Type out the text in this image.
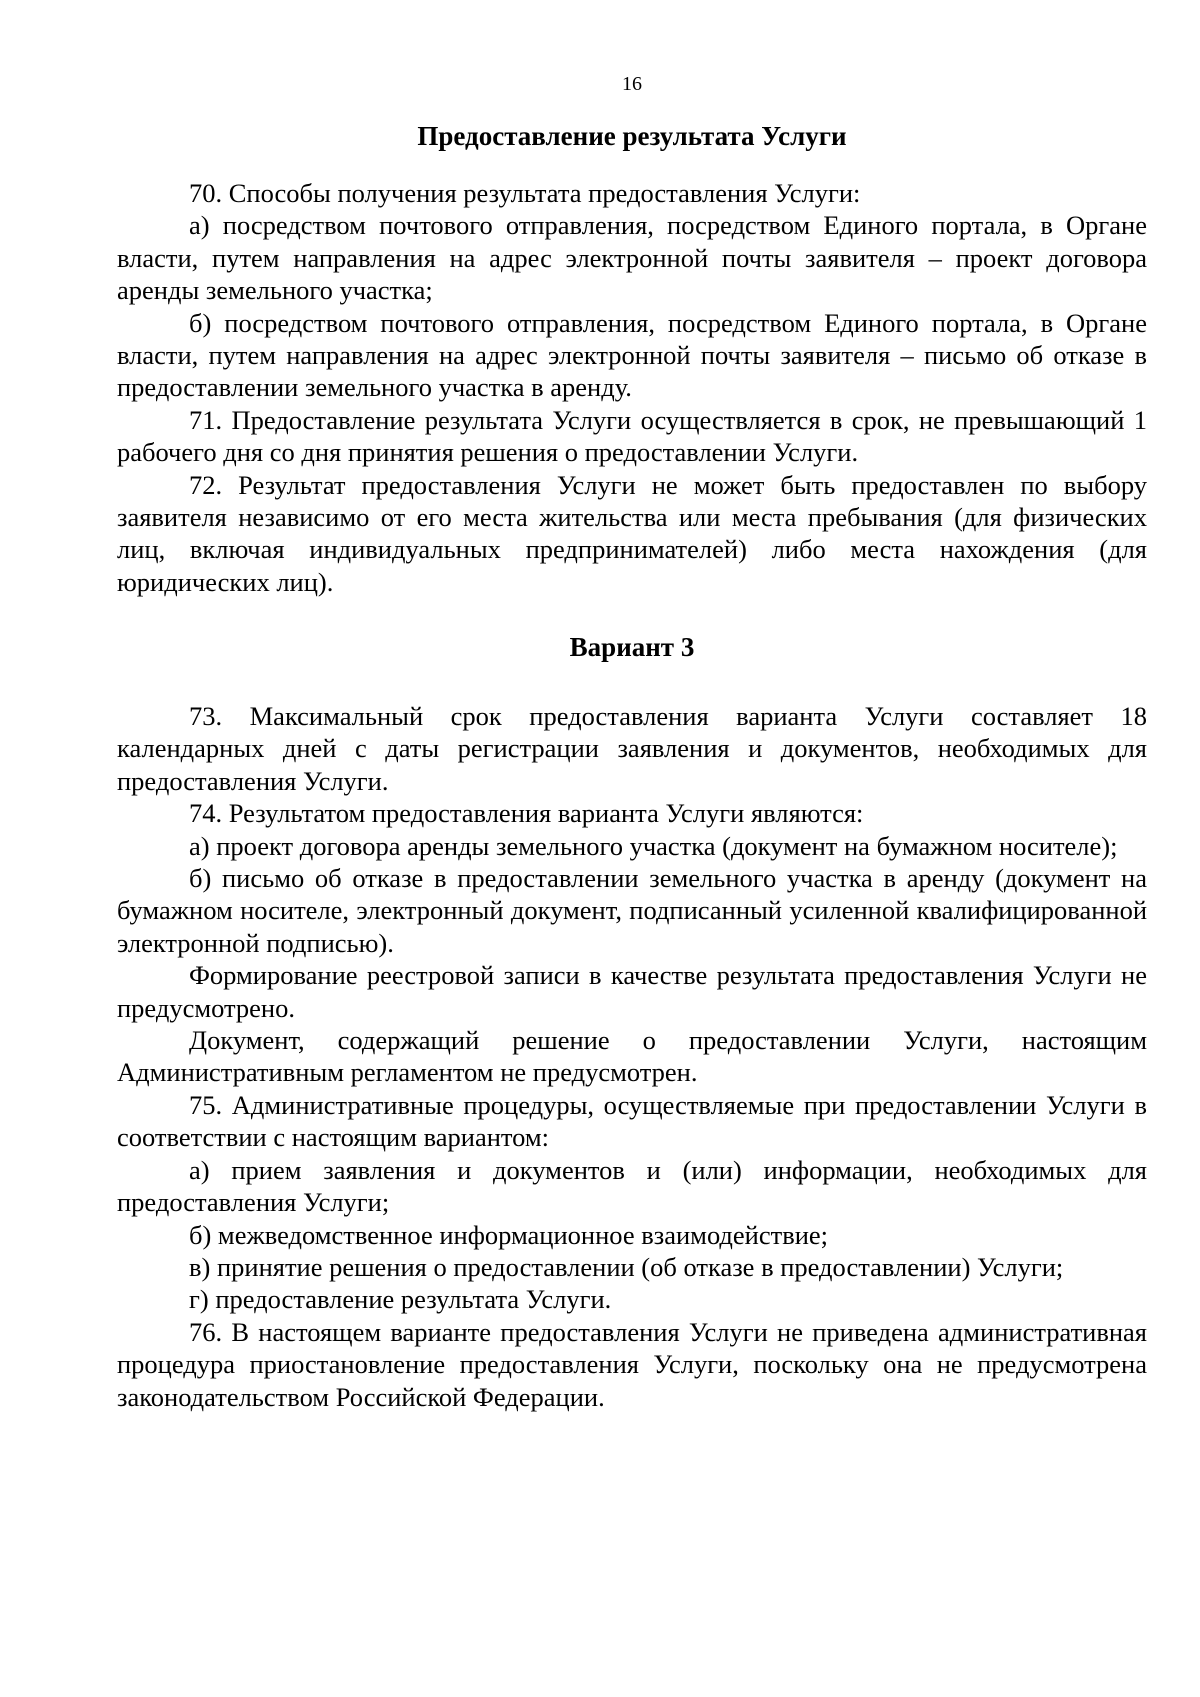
16
Предоставление результата Услуги

70. Способы получения результата предоставления Услуги:

а) посредством почтового отправления, посредством Единого портала, в Органе власти, путем направления на адрес электронной почты заявителя – проект договора аренды земельного участка;

б) посредством почтового отправления, посредством Единого портала, в Органе власти, путем направления на адрес электронной почты заявителя – письмо об отказе в предоставлении земельного участка в аренду.

71. Предоставление результата Услуги осуществляется в срок, не превышающий 1 рабочего дня со дня принятия решения о предоставлении Услуги.

72. Результат предоставления Услуги не может быть предоставлен по выбору заявителя независимо от его места жительства или места пребывания (для физических лиц, включая индивидуальных предпринимателей) либо места нахождения (для юридических лиц).

Вариант 3

73. Максимальный срок предоставления варианта Услуги составляет 18 календарных дней с даты регистрации заявления и документов, необходимых для предоставления Услуги.

74. Результатом предоставления варианта Услуги являются:

а) проект договора аренды земельного участка (документ на бумажном носителе);

б) письмо об отказе в предоставлении земельного участка в аренду (документ на бумажном носителе, электронный документ, подписанный усиленной квалифицированной электронной подписью).

Формирование реестровой записи в качестве результата предоставления Услуги не предусмотрено.

Документ, содержащий решение о предоставлении Услуги, настоящим Административным регламентом не предусмотрен.

75. Административные процедуры, осуществляемые при предоставлении Услуги в соответствии с настоящим вариантом:

а) прием заявления и документов и (или) информации, необходимых для предоставления Услуги;

б) межведомственное информационное взаимодействие;

в) принятие решения о предоставлении (об отказе в предоставлении) Услуги;

г) предоставление результата Услуги.

76. В настоящем варианте предоставления Услуги не приведена административная процедура приостановление предоставления Услуги, поскольку она не предусмотрена законодательством Российской Федерации.
